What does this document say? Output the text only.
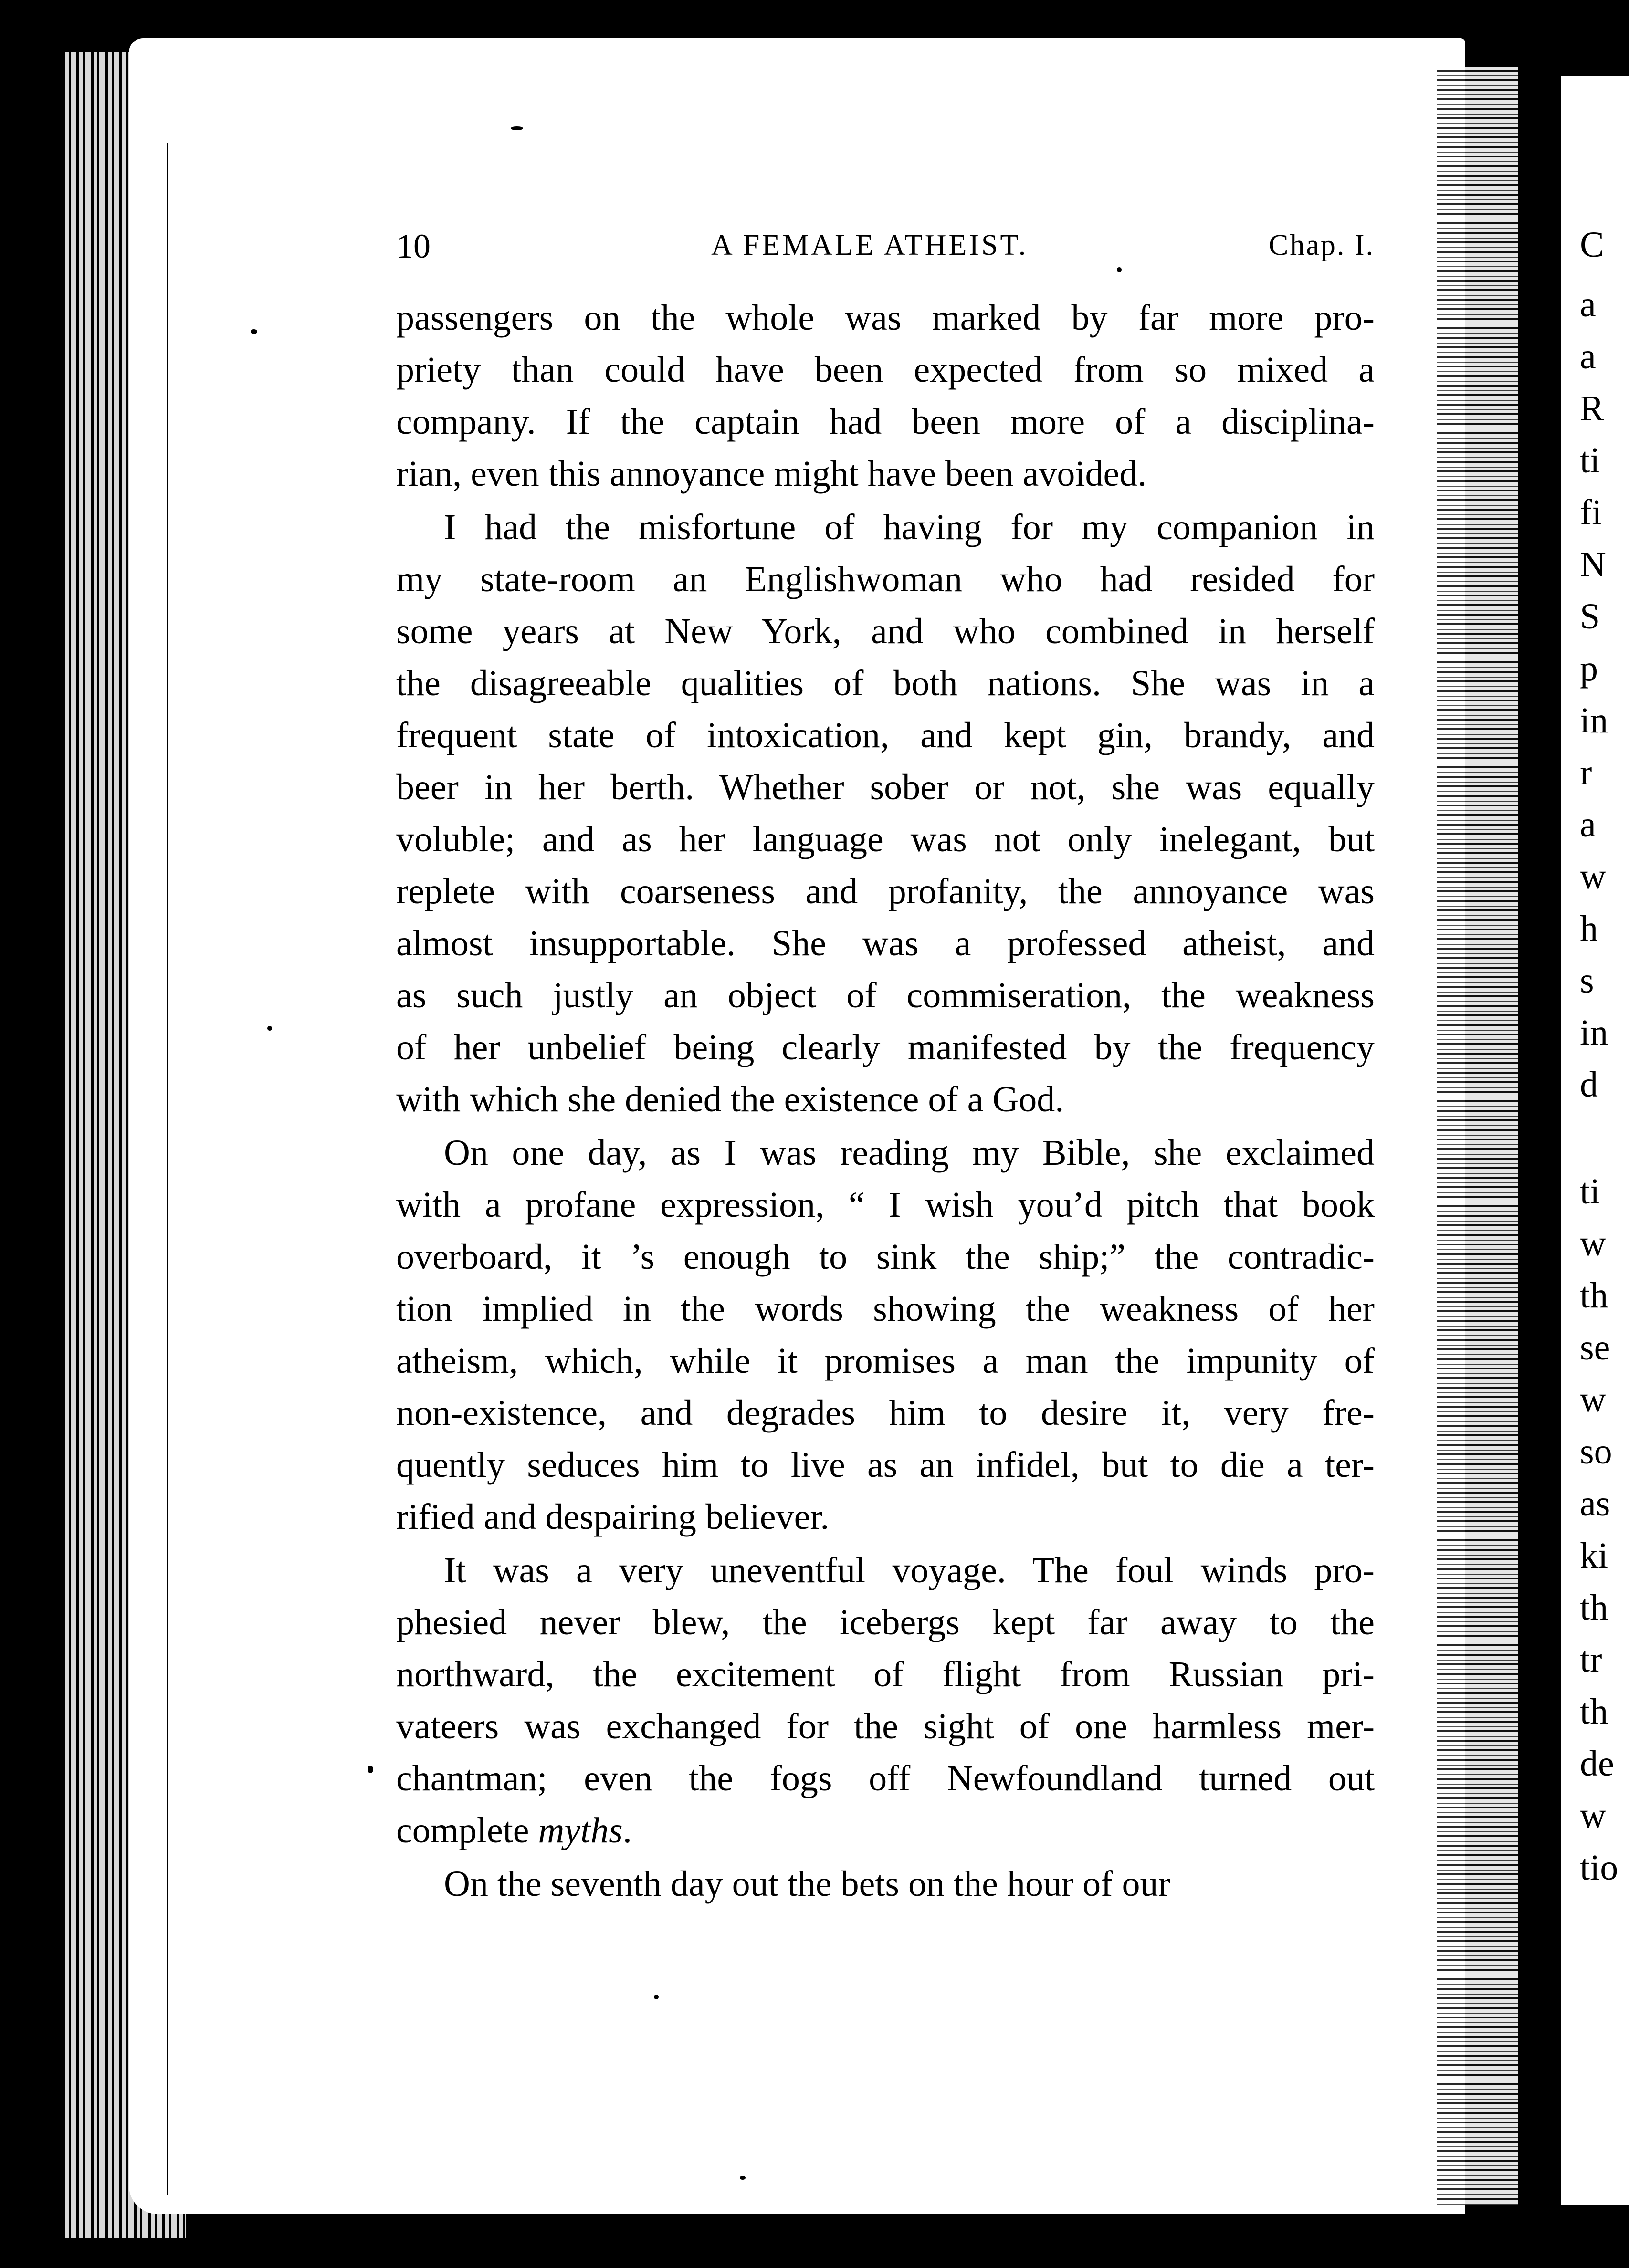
10	A FEMALE ATHEIST.	Chap. I.
passengers on the whole was marked by far more pro-
priety than could have been expected from so mixed a
company. If the captain had been more of a disciplina-
rian, even this annoyance might have been avoided.
I had the misfortune of having for my companion in
my state-room an Englishwoman who had resided for
some years at New York, and who combined in herself
the disagreeable qualities of both nations. She was in a
frequent state of intoxication, and kept gin, brandy, and
beer in her berth. Whether sober or not, she was equally
voluble; and as her language was not only inelegant, but
replete with coarseness and profanity, the annoyance was
almost insupportable. She was a professed atheist, and
as such justly an object of commiseration, the weakness
of her unbelief being clearly manifested by the frequency
with which she denied the existence of a God.
On one day, as I was reading my Bible, she exclaimed
with a profane expression, “ I wish you’d pitch that book
overboard, it ’s enough to sink the ship;” the contradic-
tion implied in the words showing the weakness of her
atheism, which, while it promises a man the impunity of
non-existence, and degrades him to desire it, very fre-
quently seduces him to live as an infidel, but to die a ter-
rified and despairing believer.
It was a very uneventful voyage. The foul winds pro-
phesied never blew, the icebergs kept far away to the
northward, the excitement of flight from Russian pri-
vateers was exchanged for the sight of one harmless mer-
chantman; even the fogs off Newfoundland turned out
complete myths.
On the seventh day out the bets on the hour of our
C
a
a
R
ti
fi
N
S
p
in
r
a
w
h
s
in
d
ti
w
th
se
w
so
as
ki
th
tr
th
de
w
tio
